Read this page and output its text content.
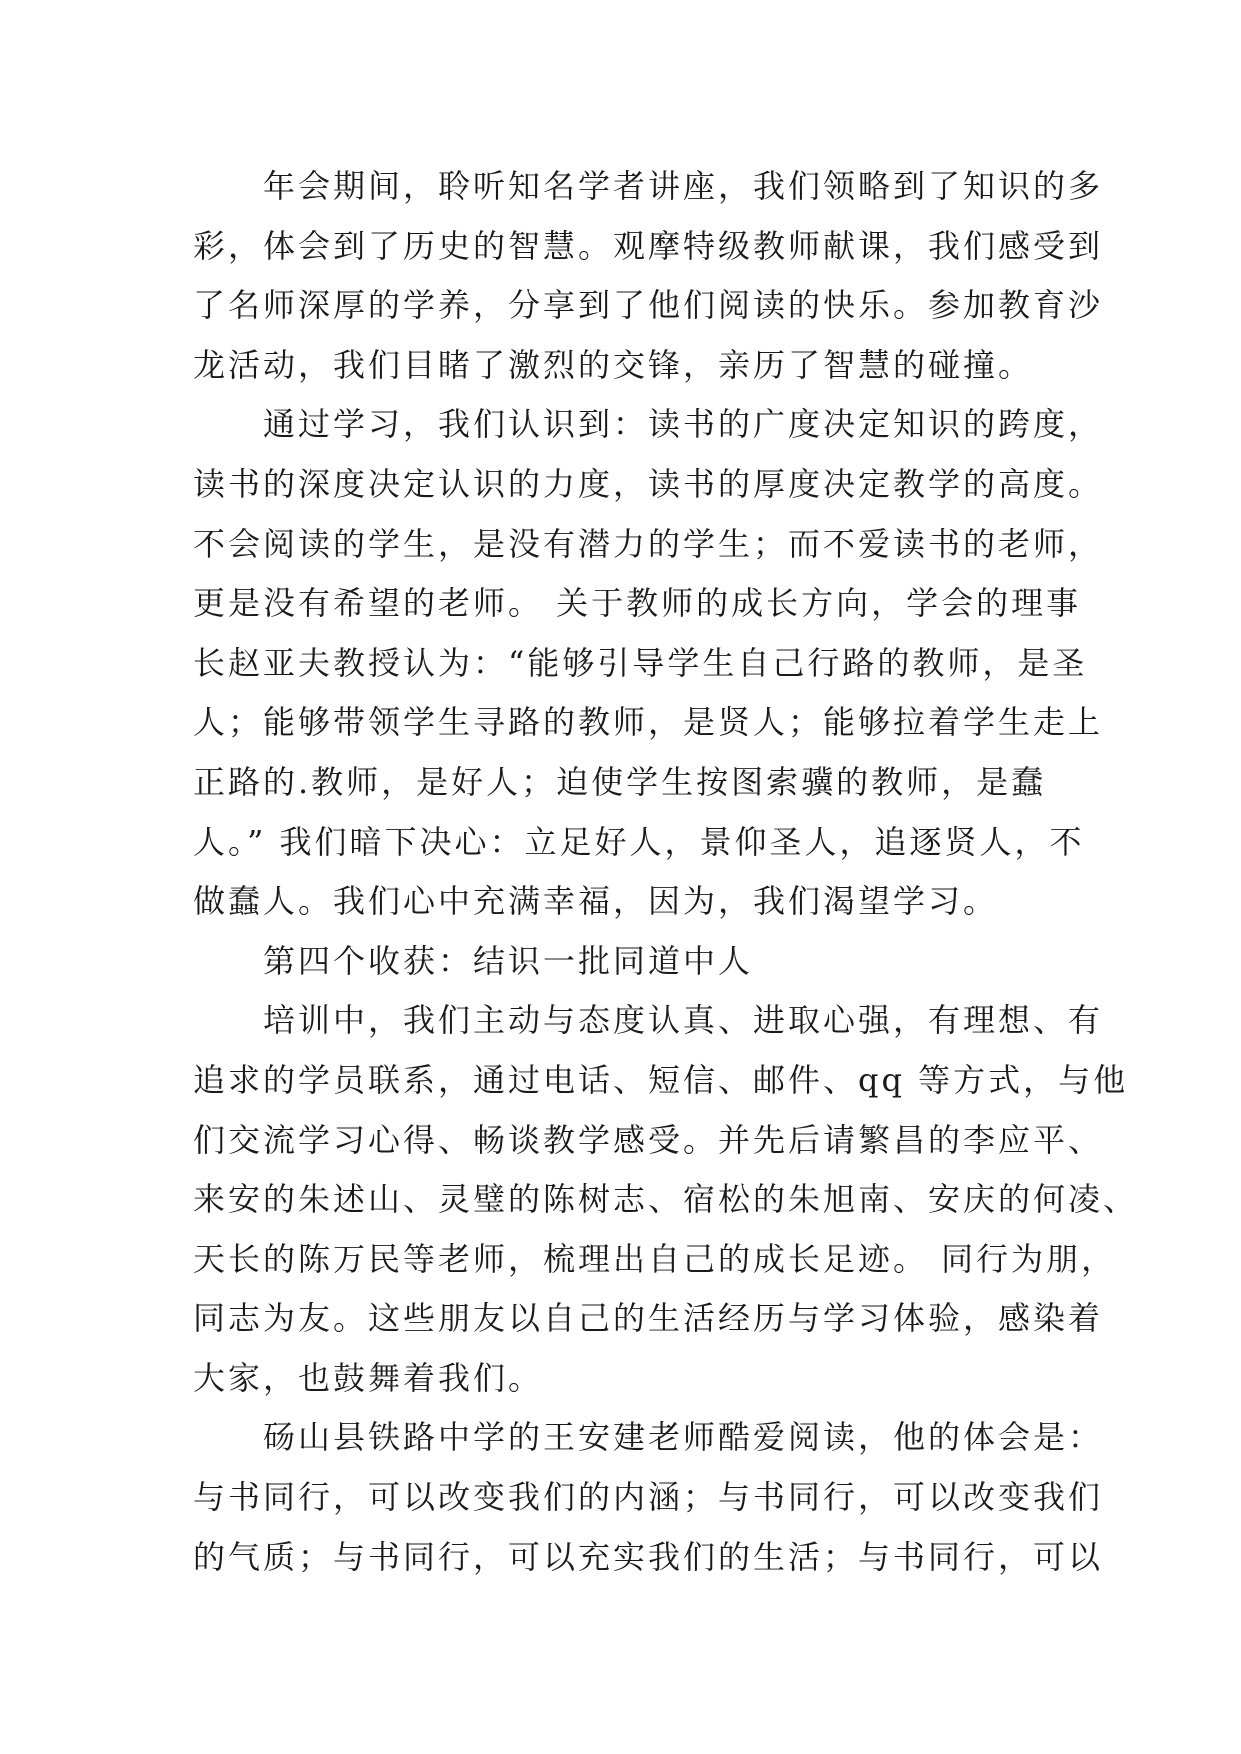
　　年会期间，聆听知名学者讲座，我们领略到了知识的多
彩，体会到了历史的智慧。观摩特级教师献课，我们感受到
了名师深厚的学养，分享到了他们阅读的快乐。参加教育沙
龙活动，我们目睹了激烈的交锋，亲历了智慧的碰撞。
　　通过学习，我们认识到：读书的广度决定知识的跨度，
读书的深度决定认识的力度，读书的厚度决定教学的高度。
不会阅读的学生，是没有潜力的学生；而不爱读书的老师，
更是没有希望的老师。 关于教师的成长方向，学会的理事
长赵亚夫教授认为：“能够引导学生自己行路的教师，是圣
人；能够带领学生寻路的教师，是贤人；能够拉着学生走上
正路的.教师，是好人；迫使学生按图索骥的教师，是蠢
人。” 我们暗下决心：立足好人，景仰圣人，追逐贤人，不
做蠢人。我们心中充满幸福，因为，我们渴望学习。
　　第四个收获：结识一批同道中人
　　培训中，我们主动与态度认真、进取心强，有理想、有
追求的学员联系，通过电话、短信、邮件、qq 等方式，与他
们交流学习心得、畅谈教学感受。并先后请繁昌的李应平、
来安的朱述山、灵璧的陈树志、宿松的朱旭南、安庆的何凌、
天长的陈万民等老师，梳理出自己的成长足迹。 同行为朋，
同志为友。这些朋友以自己的生活经历与学习体验，感染着
大家，也鼓舞着我们。
　　砀山县铁路中学的王安建老师酷爱阅读，他的体会是：
与书同行，可以改变我们的内涵；与书同行，可以改变我们
的气质；与书同行，可以充实我们的生活；与书同行，可以
